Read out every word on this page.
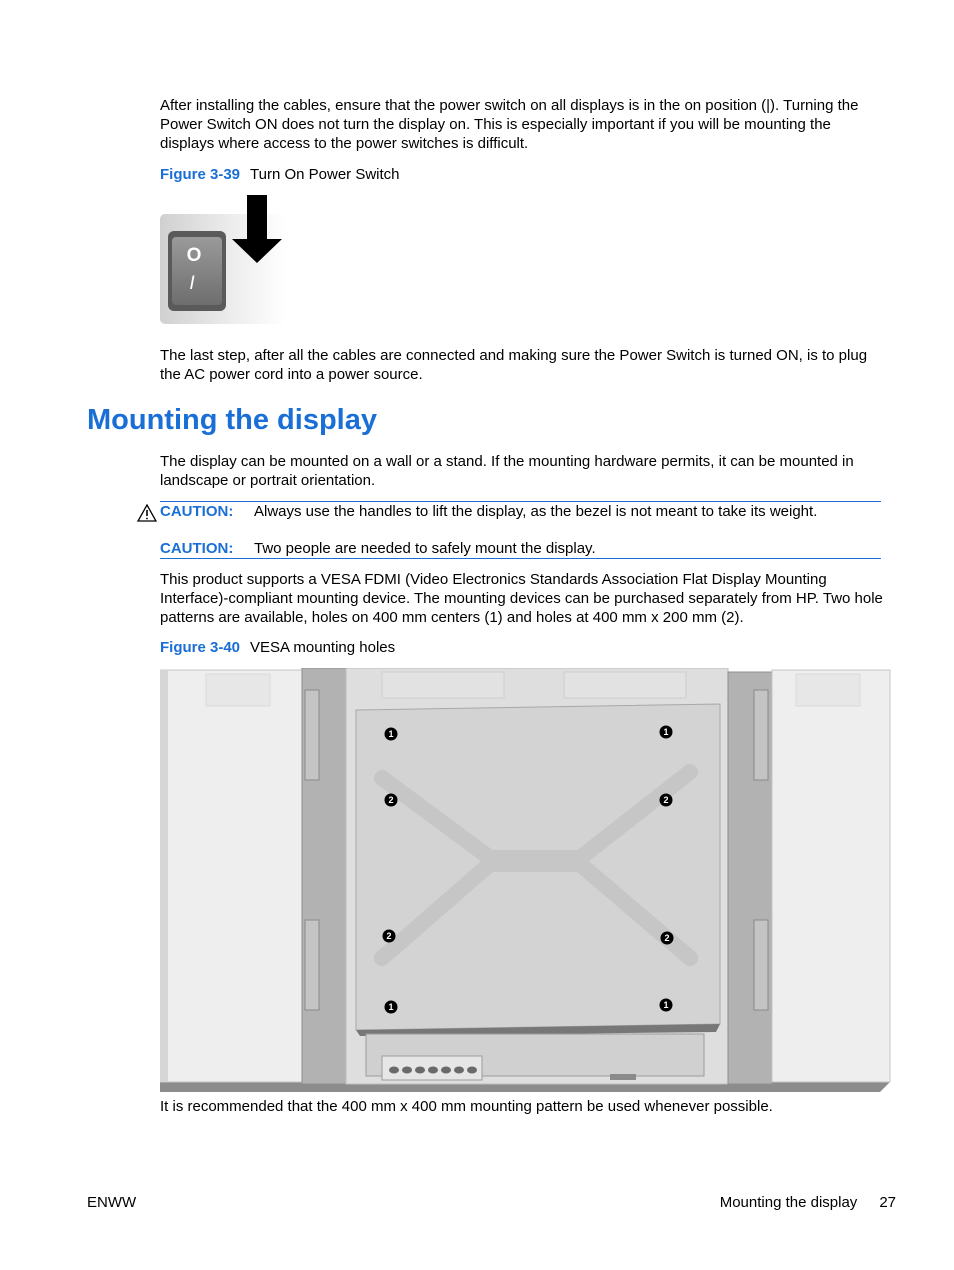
After installing the cables, ensure that the power switch on all displays is in the on position (|). Turning the Power Switch ON does not turn the display on. This is especially important if you will be mounting the displays where access to the power switches is difficult.

Figure 3-39 Turn On Power Switch
O
I

The last step, after all the cables are connected and making sure the Power Switch is turned ON, is to plug the AC power cord into a power source.

Mounting the display

The display can be mounted on a wall or a stand. If the mounting hardware permits, it can be mounted in landscape or portrait orientation.

CAUTION: Always use the handles to lift the display, as the bezel is not meant to take its weight.
CAUTION: Two people are needed to safely mount the display.

This product supports a VESA FDMI (Video Electronics Standards Association Flat Display Mounting Interface)-compliant mounting device. The mounting devices can be purchased separately from HP. Two hole patterns are available, holes on 400 mm centers (1) and holes at 400 mm x 200 mm (2).

Figure 3-40 VESA mounting holes
1	1
2	2
2	2
1	1

It is recommended that the 400 mm x 400 mm mounting pattern be used whenever possible.

ENWW	Mounting the display 27
